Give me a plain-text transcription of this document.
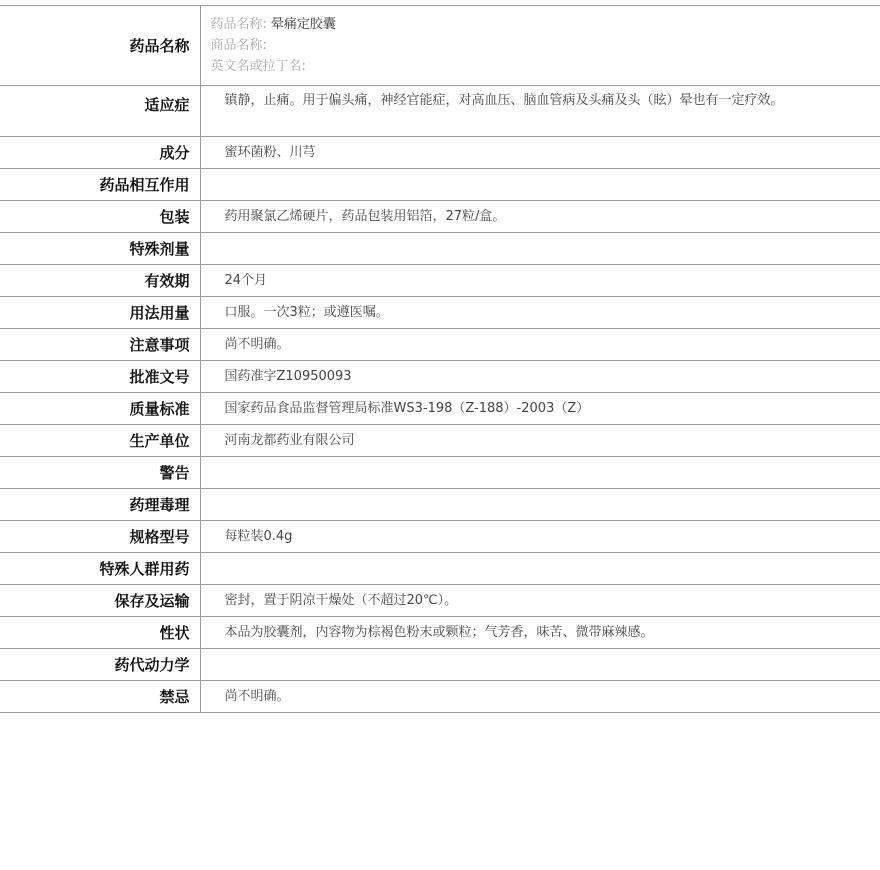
药品名称	药品名称: 晕痛定胶囊
商品名称:
英文名或拉丁名:

适应症	镇静，止痛。用于偏头痛，神经官能症，对高血压、脑血管病及头痛及头（眩）晕也有一定疗效。
成分	蜜环菌粉、川芎
药品相互作用	
包装	药用聚氯乙烯硬片，药品包装用铝箔，27粒/盒。
特殊剂量	
有效期	24个月
用法用量	口服。一次3粒；或遵医嘱。
注意事项	尚不明确。
批准文号	国药准字Z10950093
质量标准	国家药品食品监督管理局标准WS3-198（Z-188）-2003（Z）
生产单位	河南龙都药业有限公司
警告	
药理毒理	
规格型号	每粒装0.4g
特殊人群用药	
保存及运输	密封，置于阴凉干燥处（不超过20℃）。
性状	本品为胶囊剂，内容物为棕褐色粉末或颗粒；气芳香，味苦、微带麻辣感。
药代动力学	
禁忌	尚不明确。
